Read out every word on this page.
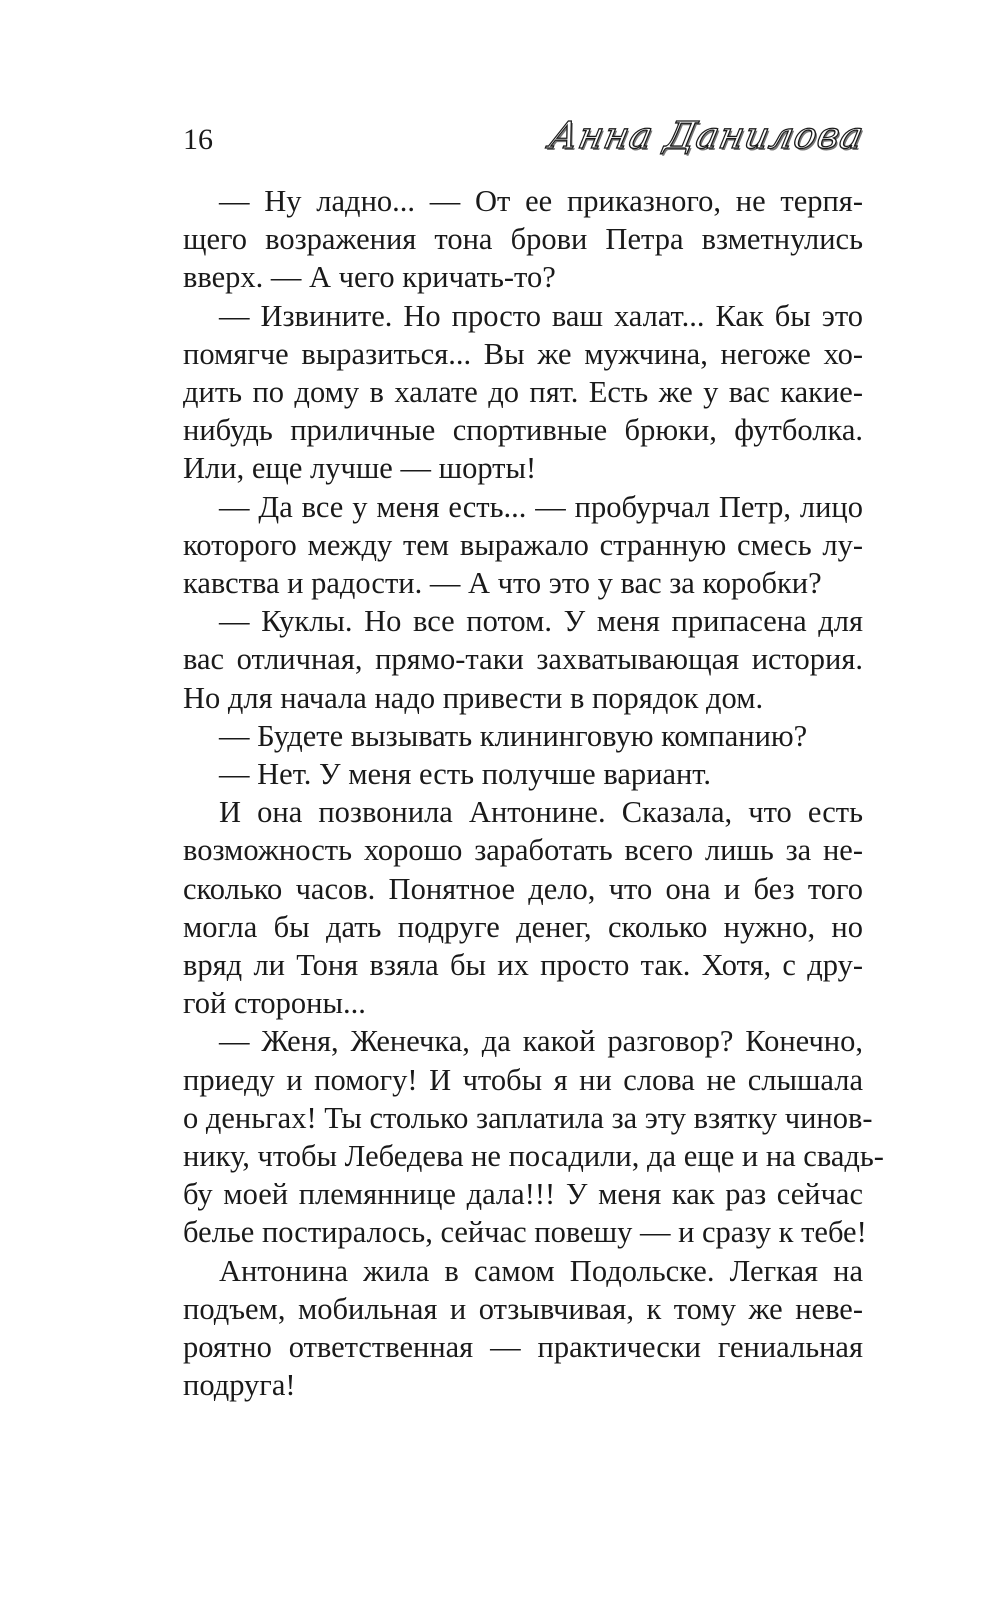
16	Анна Данилова
— Ну ладно... — От ее приказного, не терпя-
щего возражения тона брови Петра взметнулись
вверх. — А чего кричать-то?
— Извините. Но просто ваш халат... Как бы это
помягче выразиться... Вы же мужчина, негоже хо-
дить по дому в халате до пят. Есть же у вас какие-
нибудь приличные спортивные брюки, футболка.
Или, еще лучше — шорты!
— Да все у меня есть... — пробурчал Петр, лицо
которого между тем выражало странную смесь лу-
кавства и радости. — А что это у вас за коробки?
— Куклы. Но все потом. У меня припасена для
вас отличная, прямо-таки захватывающая история.
Но для начала надо привести в порядок дом.
— Будете вызывать клининговую компанию?
— Нет. У меня есть получше вариант.
И она позвонила Антонине. Сказала, что есть
возможность хорошо заработать всего лишь за не-
сколько часов. Понятное дело, что она и без того
могла бы дать подруге денег, сколько нужно, но
вряд ли Тоня взяла бы их просто так. Хотя, с дру-
гой стороны...
— Женя, Женечка, да какой разговор? Конечно,
приеду и помогу! И чтобы я ни слова не слышала
о деньгах! Ты столько заплатила за эту взятку чинов-
нику, чтобы Лебедева не посадили, да еще и на свадь-
бу моей племяннице дала!!! У меня как раз сейчас
белье постиралось, сейчас повешу — и сразу к тебе!
Антонина жила в самом Подольске. Легкая на
подъем, мобильная и отзывчивая, к тому же неве-
роятно ответственная — практически гениальная
подруга!
